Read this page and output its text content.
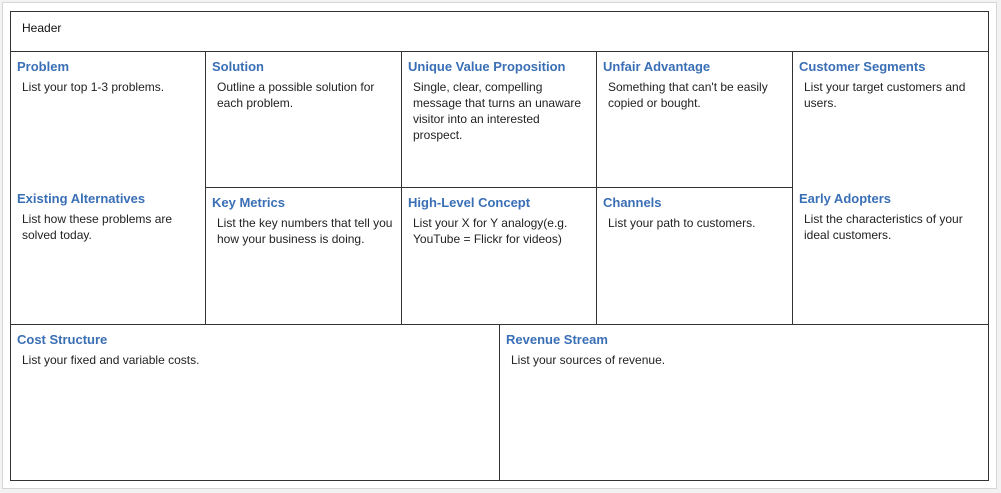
Header
Problem
List your top 1-3 problems.
Existing Alternatives
List how these problems are solved today.
Solution
Outline a possible solution for each problem.
Key Metrics
List the key numbers that tell you how your business is doing.
Unique Value Proposition
Single, clear, compelling message that turns an unaware visitor into an interested prospect.
High-Level Concept
List your X for Y analogy(e.g. YouTube = Flickr for videos)
Unfair Advantage
Something that can't be easily copied or bought.
Channels
List your path to customers.
Customer Segments
List your target customers and users.
Early Adopters
List the characteristics of your ideal customers.
Cost Structure
List your fixed and variable costs.
Revenue Stream
List your sources of revenue.
